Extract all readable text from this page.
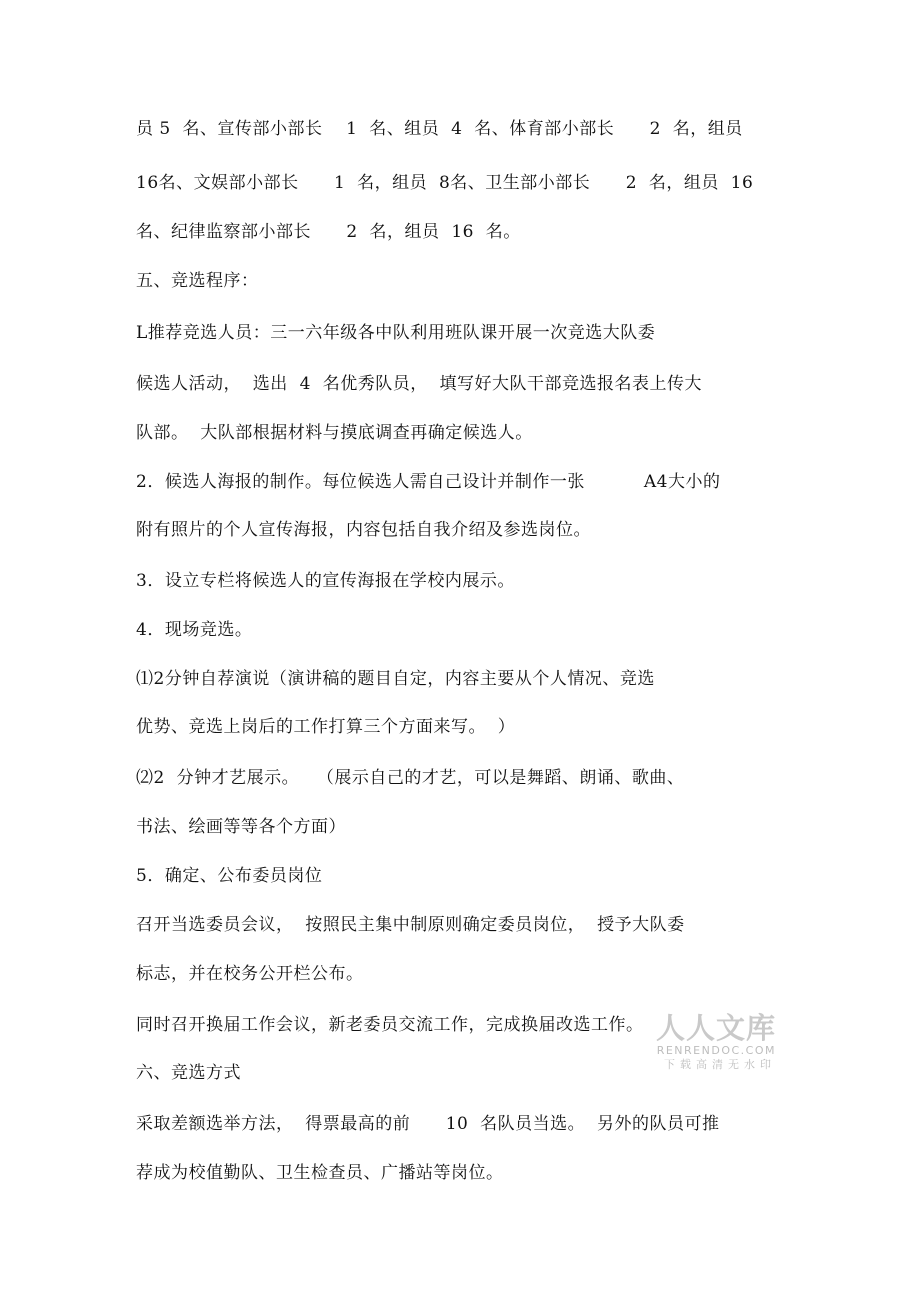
员 5  名、宣传部小部长    1  名、组员  4  名、体育部小部长      2  名，组员
16名、文娱部小部长      1  名，组员  8名、卫生部小部长      2  名，组员  16
名、纪律监察部小部长      2  名，组员  16  名。
五、竞选程序：
L推荐竞选人员：三一六年级各中队利用班队课开展一次竞选大队委
候选人活动，  选出  4  名优秀队员，  填写好大队干部竞选报名表上传大
队部。  大队部根据材料与摸底调查再确定候选人。
2．候选人海报的制作。每位候选人需自己设计并制作一张          A4大小的
附有照片的个人宣传海报，内容包括自我介绍及参选岗位。
3．设立专栏将候选人的宣传海报在学校内展示。
4．现场竞选。
⑴2分钟自荐演说（演讲稿的题目自定，内容主要从个人情况、竞选
优势、竞选上岗后的工作打算三个方面来写。  ）
⑵2  分钟才艺展示。   （展示自己的才艺，可以是舞蹈、朗诵、歌曲、
书法、绘画等等各个方面）
5．确定、公布委员岗位
召开当选委员会议，  按照民主集中制原则确定委员岗位，  授予大队委
标志，并在校务公开栏公布。
同时召开换届工作会议，新老委员交流工作，完成换届改选工作。
六、竞选方式
采取差额选举方法，  得票最高的前      10  名队员当选。  另外的队员可推
荐成为校值勤队、卫生检查员、广播站等岗位。
人人文库
RENRENDOC.COM
下载高清无水印
